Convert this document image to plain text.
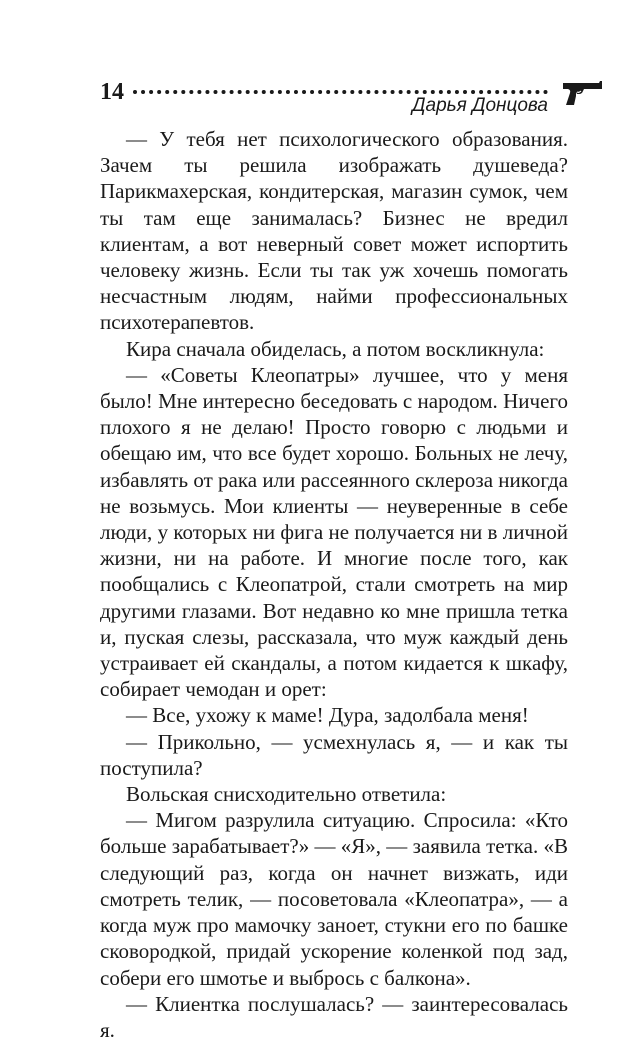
14
Дарья Донцова

— У тебя нет психологического образования. Зачем ты решила изображать душеведа? Парикмахерская, кондитерская, магазин сумок, чем ты там еще занималась? Бизнес не вредил клиентам, а вот неверный совет может испортить человеку жизнь. Если ты так уж хочешь помогать несчастным людям, найми профессиональных психотерапевтов.

Кира сначала обиделась, а потом воскликнула:

— «Советы Клеопатры» лучшее, что у меня было! Мне интересно беседовать с народом. Ничего плохого я не делаю! Просто говорю с людьми и обещаю им, что все будет хорошо. Больных не лечу, избавлять от рака или рассеянного склероза никогда не возьмусь. Мои клиенты — неуверенные в себе люди, у которых ни фига не получается ни в личной жизни, ни на работе. И многие после того, как пообщались с Клеопатрой, стали смотреть на мир другими глазами. Вот недавно ко мне пришла тетка и, пуская слезы, рассказала, что муж каждый день устраивает ей скандалы, а потом кидается к шкафу, собирает чемодан и орет:

— Все, ухожу к маме! Дура, задолбала меня!

— Прикольно, — усмехнулась я, — и как ты поступила?

Вольская снисходительно ответила:

— Мигом разрулила ситуацию. Спросила: «Кто больше зарабатывает?» — «Я», — заявила тетка. «В следующий раз, когда он начнет визжать, иди смотреть телик, — посоветовала «Клеопатра», — а когда муж про мамочку заноет, стукни его по башке сковородкой, придай ускорение коленкой под зад, собери его шмотье и выбрось с балкона».

— Клиентка послушалась? — заинтересовалась я.
